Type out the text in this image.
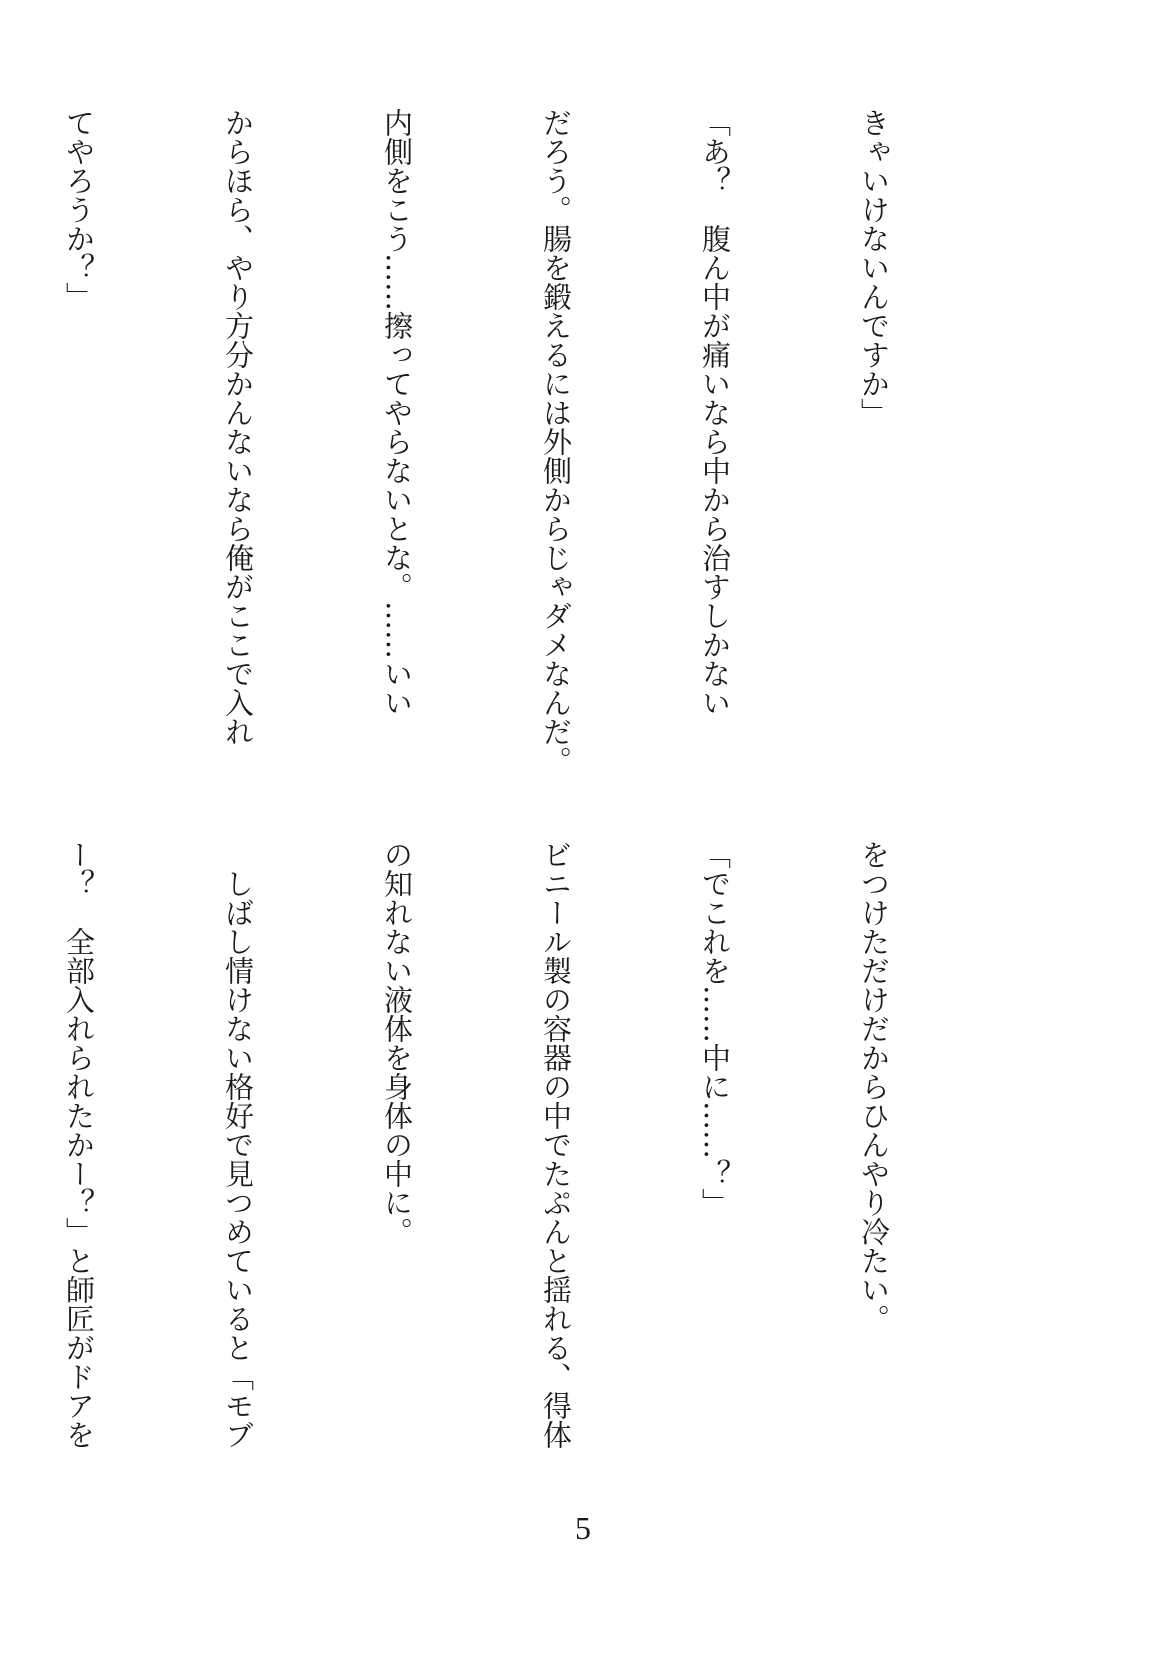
きゃいけないんですか」

「あ？　腹ん中が痛いなら中から治すしかない

だろう。腸を鍛えるには外側からじゃダメなんだ。

内側をこう……擦ってやらないとな。……いい

からほら、やり方分かんないなら俺がここで入れ

てやろうか？」

をつけただけだからひんやり冷たい。

「でこれを……中に……？」

ビニール製の容器の中でたぷんと揺れる、得体

の知れない液体を身体の中に。

　しばし情けない格好で見つめていると「モブ

ー？　全部入れられたかー？」と師匠がドアを

5
